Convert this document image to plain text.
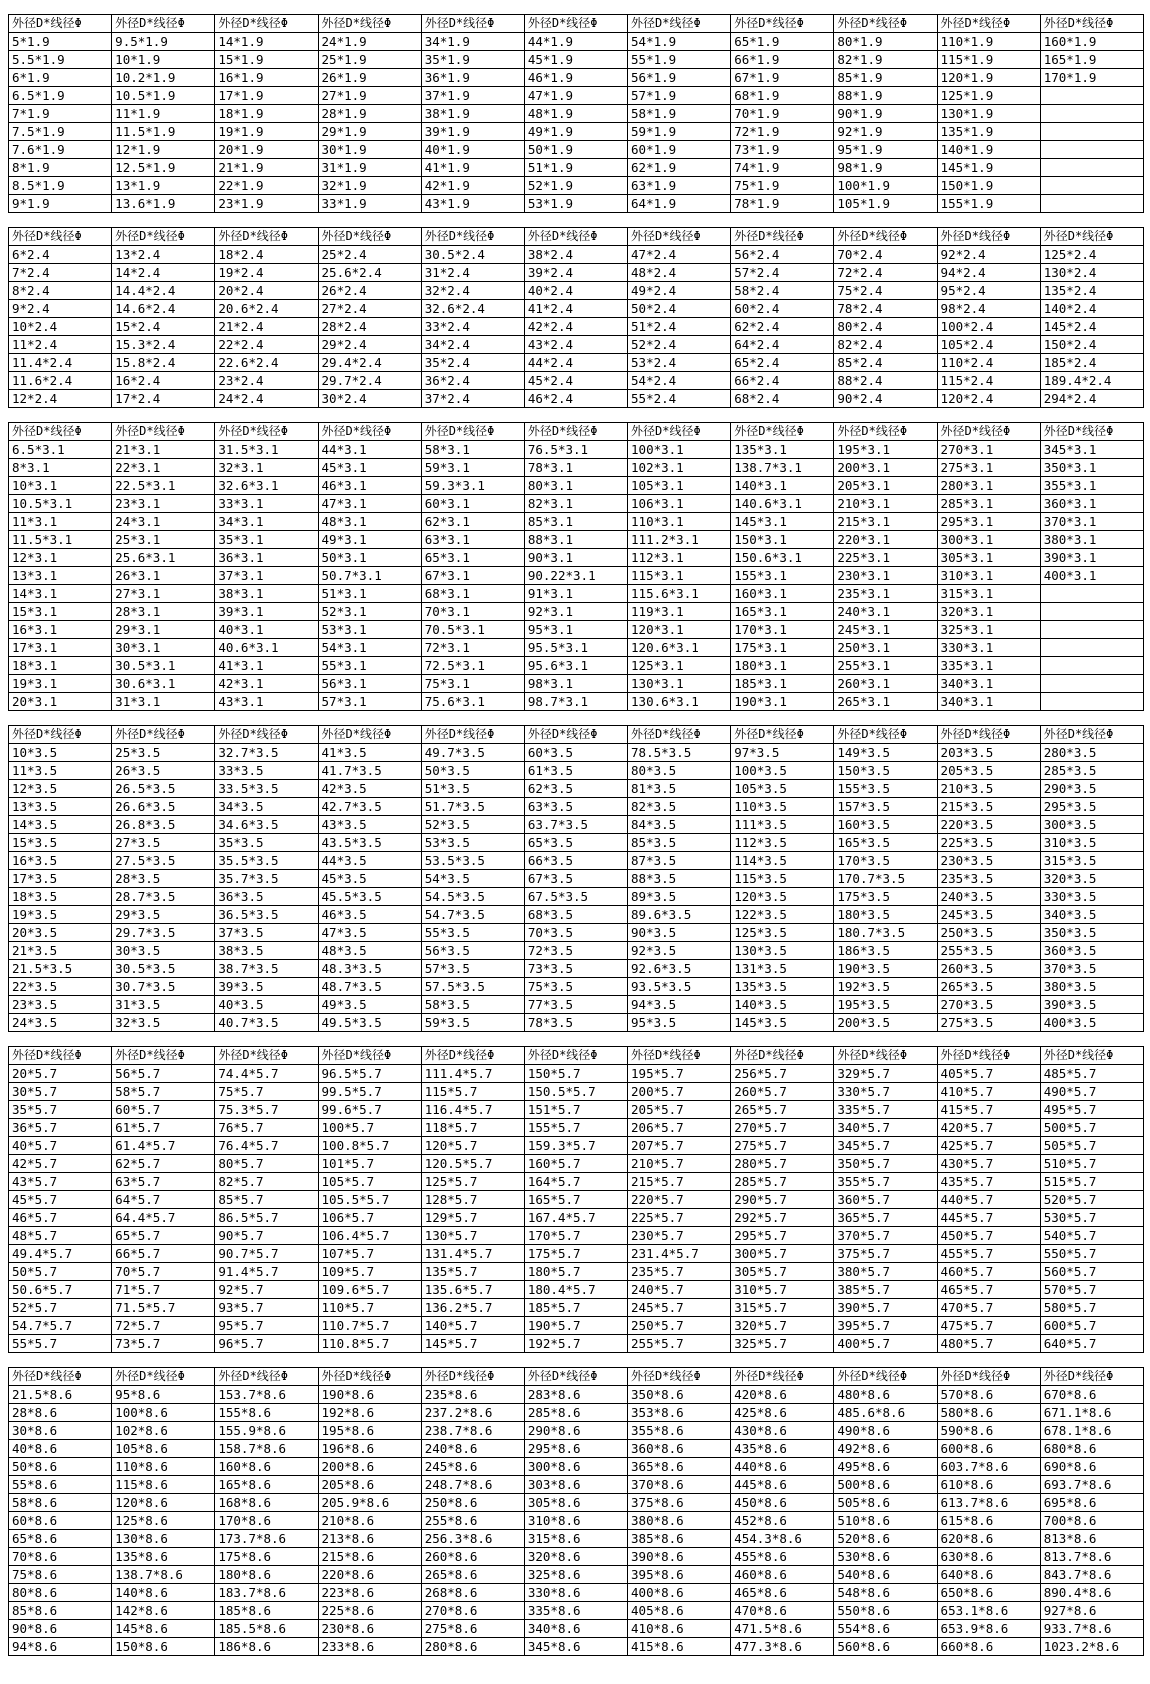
外径D*线径Φ	外径D*线径Φ	外径D*线径Φ	外径D*线径Φ	外径D*线径Φ	外径D*线径Φ	外径D*线径Φ	外径D*线径Φ	外径D*线径Φ	外径D*线径Φ	外径D*线径Φ
5*1.9	9.5*1.9	14*1.9	24*1.9	34*1.9	44*1.9	54*1.9	65*1.9	80*1.9	110*1.9	160*1.9
5.5*1.9	10*1.9	15*1.9	25*1.9	35*1.9	45*1.9	55*1.9	66*1.9	82*1.9	115*1.9	165*1.9
6*1.9	10.2*1.9	16*1.9	26*1.9	36*1.9	46*1.9	56*1.9	67*1.9	85*1.9	120*1.9	170*1.9
6.5*1.9	10.5*1.9	17*1.9	27*1.9	37*1.9	47*1.9	57*1.9	68*1.9	88*1.9	125*1.9	
7*1.9	11*1.9	18*1.9	28*1.9	38*1.9	48*1.9	58*1.9	70*1.9	90*1.9	130*1.9	
7.5*1.9	11.5*1.9	19*1.9	29*1.9	39*1.9	49*1.9	59*1.9	72*1.9	92*1.9	135*1.9	
7.6*1.9	12*1.9	20*1.9	30*1.9	40*1.9	50*1.9	60*1.9	73*1.9	95*1.9	140*1.9	
8*1.9	12.5*1.9	21*1.9	31*1.9	41*1.9	51*1.9	62*1.9	74*1.9	98*1.9	145*1.9	
8.5*1.9	13*1.9	22*1.9	32*1.9	42*1.9	52*1.9	63*1.9	75*1.9	100*1.9	150*1.9	
9*1.9	13.6*1.9	23*1.9	33*1.9	43*1.9	53*1.9	64*1.9	78*1.9	105*1.9	155*1.9	
外径D*线径Φ	外径D*线径Φ	外径D*线径Φ	外径D*线径Φ	外径D*线径Φ	外径D*线径Φ	外径D*线径Φ	外径D*线径Φ	外径D*线径Φ	外径D*线径Φ	外径D*线径Φ
6*2.4	13*2.4	18*2.4	25*2.4	30.5*2.4	38*2.4	47*2.4	56*2.4	70*2.4	92*2.4	125*2.4
7*2.4	14*2.4	19*2.4	25.6*2.4	31*2.4	39*2.4	48*2.4	57*2.4	72*2.4	94*2.4	130*2.4
8*2.4	14.4*2.4	20*2.4	26*2.4	32*2.4	40*2.4	49*2.4	58*2.4	75*2.4	95*2.4	135*2.4
9*2.4	14.6*2.4	20.6*2.4	27*2.4	32.6*2.4	41*2.4	50*2.4	60*2.4	78*2.4	98*2.4	140*2.4
10*2.4	15*2.4	21*2.4	28*2.4	33*2.4	42*2.4	51*2.4	62*2.4	80*2.4	100*2.4	145*2.4
11*2.4	15.3*2.4	22*2.4	29*2.4	34*2.4	43*2.4	52*2.4	64*2.4	82*2.4	105*2.4	150*2.4
11.4*2.4	15.8*2.4	22.6*2.4	29.4*2.4	35*2.4	44*2.4	53*2.4	65*2.4	85*2.4	110*2.4	185*2.4
11.6*2.4	16*2.4	23*2.4	29.7*2.4	36*2.4	45*2.4	54*2.4	66*2.4	88*2.4	115*2.4	189.4*2.4
12*2.4	17*2.4	24*2.4	30*2.4	37*2.4	46*2.4	55*2.4	68*2.4	90*2.4	120*2.4	294*2.4
外径D*线径Φ	外径D*线径Φ	外径D*线径Φ	外径D*线径Φ	外径D*线径Φ	外径D*线径Φ	外径D*线径Φ	外径D*线径Φ	外径D*线径Φ	外径D*线径Φ	外径D*线径Φ
6.5*3.1	21*3.1	31.5*3.1	44*3.1	58*3.1	76.5*3.1	100*3.1	135*3.1	195*3.1	270*3.1	345*3.1
8*3.1	22*3.1	32*3.1	45*3.1	59*3.1	78*3.1	102*3.1	138.7*3.1	200*3.1	275*3.1	350*3.1
10*3.1	22.5*3.1	32.6*3.1	46*3.1	59.3*3.1	80*3.1	105*3.1	140*3.1	205*3.1	280*3.1	355*3.1
10.5*3.1	23*3.1	33*3.1	47*3.1	60*3.1	82*3.1	106*3.1	140.6*3.1	210*3.1	285*3.1	360*3.1
11*3.1	24*3.1	34*3.1	48*3.1	62*3.1	85*3.1	110*3.1	145*3.1	215*3.1	295*3.1	370*3.1
11.5*3.1	25*3.1	35*3.1	49*3.1	63*3.1	88*3.1	111.2*3.1	150*3.1	220*3.1	300*3.1	380*3.1
12*3.1	25.6*3.1	36*3.1	50*3.1	65*3.1	90*3.1	112*3.1	150.6*3.1	225*3.1	305*3.1	390*3.1
13*3.1	26*3.1	37*3.1	50.7*3.1	67*3.1	90.22*3.1	115*3.1	155*3.1	230*3.1	310*3.1	400*3.1
14*3.1	27*3.1	38*3.1	51*3.1	68*3.1	91*3.1	115.6*3.1	160*3.1	235*3.1	315*3.1	
15*3.1	28*3.1	39*3.1	52*3.1	70*3.1	92*3.1	119*3.1	165*3.1	240*3.1	320*3.1	
16*3.1	29*3.1	40*3.1	53*3.1	70.5*3.1	95*3.1	120*3.1	170*3.1	245*3.1	325*3.1	
17*3.1	30*3.1	40.6*3.1	54*3.1	72*3.1	95.5*3.1	120.6*3.1	175*3.1	250*3.1	330*3.1	
18*3.1	30.5*3.1	41*3.1	55*3.1	72.5*3.1	95.6*3.1	125*3.1	180*3.1	255*3.1	335*3.1	
19*3.1	30.6*3.1	42*3.1	56*3.1	75*3.1	98*3.1	130*3.1	185*3.1	260*3.1	340*3.1	
20*3.1	31*3.1	43*3.1	57*3.1	75.6*3.1	98.7*3.1	130.6*3.1	190*3.1	265*3.1	340*3.1	
外径D*线径Φ	外径D*线径Φ	外径D*线径Φ	外径D*线径Φ	外径D*线径Φ	外径D*线径Φ	外径D*线径Φ	外径D*线径Φ	外径D*线径Φ	外径D*线径Φ	外径D*线径Φ
10*3.5	25*3.5	32.7*3.5	41*3.5	49.7*3.5	60*3.5	78.5*3.5	97*3.5	149*3.5	203*3.5	280*3.5
11*3.5	26*3.5	33*3.5	41.7*3.5	50*3.5	61*3.5	80*3.5	100*3.5	150*3.5	205*3.5	285*3.5
12*3.5	26.5*3.5	33.5*3.5	42*3.5	51*3.5	62*3.5	81*3.5	105*3.5	155*3.5	210*3.5	290*3.5
13*3.5	26.6*3.5	34*3.5	42.7*3.5	51.7*3.5	63*3.5	82*3.5	110*3.5	157*3.5	215*3.5	295*3.5
14*3.5	26.8*3.5	34.6*3.5	43*3.5	52*3.5	63.7*3.5	84*3.5	111*3.5	160*3.5	220*3.5	300*3.5
15*3.5	27*3.5	35*3.5	43.5*3.5	53*3.5	65*3.5	85*3.5	112*3.5	165*3.5	225*3.5	310*3.5
16*3.5	27.5*3.5	35.5*3.5	44*3.5	53.5*3.5	66*3.5	87*3.5	114*3.5	170*3.5	230*3.5	315*3.5
17*3.5	28*3.5	35.7*3.5	45*3.5	54*3.5	67*3.5	88*3.5	115*3.5	170.7*3.5	235*3.5	320*3.5
18*3.5	28.7*3.5	36*3.5	45.5*3.5	54.5*3.5	67.5*3.5	89*3.5	120*3.5	175*3.5	240*3.5	330*3.5
19*3.5	29*3.5	36.5*3.5	46*3.5	54.7*3.5	68*3.5	89.6*3.5	122*3.5	180*3.5	245*3.5	340*3.5
20*3.5	29.7*3.5	37*3.5	47*3.5	55*3.5	70*3.5	90*3.5	125*3.5	180.7*3.5	250*3.5	350*3.5
21*3.5	30*3.5	38*3.5	48*3.5	56*3.5	72*3.5	92*3.5	130*3.5	186*3.5	255*3.5	360*3.5
21.5*3.5	30.5*3.5	38.7*3.5	48.3*3.5	57*3.5	73*3.5	92.6*3.5	131*3.5	190*3.5	260*3.5	370*3.5
22*3.5	30.7*3.5	39*3.5	48.7*3.5	57.5*3.5	75*3.5	93.5*3.5	135*3.5	192*3.5	265*3.5	380*3.5
23*3.5	31*3.5	40*3.5	49*3.5	58*3.5	77*3.5	94*3.5	140*3.5	195*3.5	270*3.5	390*3.5
24*3.5	32*3.5	40.7*3.5	49.5*3.5	59*3.5	78*3.5	95*3.5	145*3.5	200*3.5	275*3.5	400*3.5
外径D*线径Φ	外径D*线径Φ	外径D*线径Φ	外径D*线径Φ	外径D*线径Φ	外径D*线径Φ	外径D*线径Φ	外径D*线径Φ	外径D*线径Φ	外径D*线径Φ	外径D*线径Φ
20*5.7	56*5.7	74.4*5.7	96.5*5.7	111.4*5.7	150*5.7	195*5.7	256*5.7	329*5.7	405*5.7	485*5.7
30*5.7	58*5.7	75*5.7	99.5*5.7	115*5.7	150.5*5.7	200*5.7	260*5.7	330*5.7	410*5.7	490*5.7
35*5.7	60*5.7	75.3*5.7	99.6*5.7	116.4*5.7	151*5.7	205*5.7	265*5.7	335*5.7	415*5.7	495*5.7
36*5.7	61*5.7	76*5.7	100*5.7	118*5.7	155*5.7	206*5.7	270*5.7	340*5.7	420*5.7	500*5.7
40*5.7	61.4*5.7	76.4*5.7	100.8*5.7	120*5.7	159.3*5.7	207*5.7	275*5.7	345*5.7	425*5.7	505*5.7
42*5.7	62*5.7	80*5.7	101*5.7	120.5*5.7	160*5.7	210*5.7	280*5.7	350*5.7	430*5.7	510*5.7
43*5.7	63*5.7	82*5.7	105*5.7	125*5.7	164*5.7	215*5.7	285*5.7	355*5.7	435*5.7	515*5.7
45*5.7	64*5.7	85*5.7	105.5*5.7	128*5.7	165*5.7	220*5.7	290*5.7	360*5.7	440*5.7	520*5.7
46*5.7	64.4*5.7	86.5*5.7	106*5.7	129*5.7	167.4*5.7	225*5.7	292*5.7	365*5.7	445*5.7	530*5.7
48*5.7	65*5.7	90*5.7	106.4*5.7	130*5.7	170*5.7	230*5.7	295*5.7	370*5.7	450*5.7	540*5.7
49.4*5.7	66*5.7	90.7*5.7	107*5.7	131.4*5.7	175*5.7	231.4*5.7	300*5.7	375*5.7	455*5.7	550*5.7
50*5.7	70*5.7	91.4*5.7	109*5.7	135*5.7	180*5.7	235*5.7	305*5.7	380*5.7	460*5.7	560*5.7
50.6*5.7	71*5.7	92*5.7	109.6*5.7	135.6*5.7	180.4*5.7	240*5.7	310*5.7	385*5.7	465*5.7	570*5.7
52*5.7	71.5*5.7	93*5.7	110*5.7	136.2*5.7	185*5.7	245*5.7	315*5.7	390*5.7	470*5.7	580*5.7
54.7*5.7	72*5.7	95*5.7	110.7*5.7	140*5.7	190*5.7	250*5.7	320*5.7	395*5.7	475*5.7	600*5.7
55*5.7	73*5.7	96*5.7	110.8*5.7	145*5.7	192*5.7	255*5.7	325*5.7	400*5.7	480*5.7	640*5.7
外径D*线径Φ	外径D*线径Φ	外径D*线径Φ	外径D*线径Φ	外径D*线径Φ	外径D*线径Φ	外径D*线径Φ	外径D*线径Φ	外径D*线径Φ	外径D*线径Φ	外径D*线径Φ
21.5*8.6	95*8.6	153.7*8.6	190*8.6	235*8.6	283*8.6	350*8.6	420*8.6	480*8.6	570*8.6	670*8.6
28*8.6	100*8.6	155*8.6	192*8.6	237.2*8.6	285*8.6	353*8.6	425*8.6	485.6*8.6	580*8.6	671.1*8.6
30*8.6	102*8.6	155.9*8.6	195*8.6	238.7*8.6	290*8.6	355*8.6	430*8.6	490*8.6	590*8.6	678.1*8.6
40*8.6	105*8.6	158.7*8.6	196*8.6	240*8.6	295*8.6	360*8.6	435*8.6	492*8.6	600*8.6	680*8.6
50*8.6	110*8.6	160*8.6	200*8.6	245*8.6	300*8.6	365*8.6	440*8.6	495*8.6	603.7*8.6	690*8.6
55*8.6	115*8.6	165*8.6	205*8.6	248.7*8.6	303*8.6	370*8.6	445*8.6	500*8.6	610*8.6	693.7*8.6
58*8.6	120*8.6	168*8.6	205.9*8.6	250*8.6	305*8.6	375*8.6	450*8.6	505*8.6	613.7*8.6	695*8.6
60*8.6	125*8.6	170*8.6	210*8.6	255*8.6	310*8.6	380*8.6	452*8.6	510*8.6	615*8.6	700*8.6
65*8.6	130*8.6	173.7*8.6	213*8.6	256.3*8.6	315*8.6	385*8.6	454.3*8.6	520*8.6	620*8.6	813*8.6
70*8.6	135*8.6	175*8.6	215*8.6	260*8.6	320*8.6	390*8.6	455*8.6	530*8.6	630*8.6	813.7*8.6
75*8.6	138.7*8.6	180*8.6	220*8.6	265*8.6	325*8.6	395*8.6	460*8.6	540*8.6	640*8.6	843.7*8.6
80*8.6	140*8.6	183.7*8.6	223*8.6	268*8.6	330*8.6	400*8.6	465*8.6	548*8.6	650*8.6	890.4*8.6
85*8.6	142*8.6	185*8.6	225*8.6	270*8.6	335*8.6	405*8.6	470*8.6	550*8.6	653.1*8.6	927*8.6
90*8.6	145*8.6	185.5*8.6	230*8.6	275*8.6	340*8.6	410*8.6	471.5*8.6	554*8.6	653.9*8.6	933.7*8.6
94*8.6	150*8.6	186*8.6	233*8.6	280*8.6	345*8.6	415*8.6	477.3*8.6	560*8.6	660*8.6	1023.2*8.6
